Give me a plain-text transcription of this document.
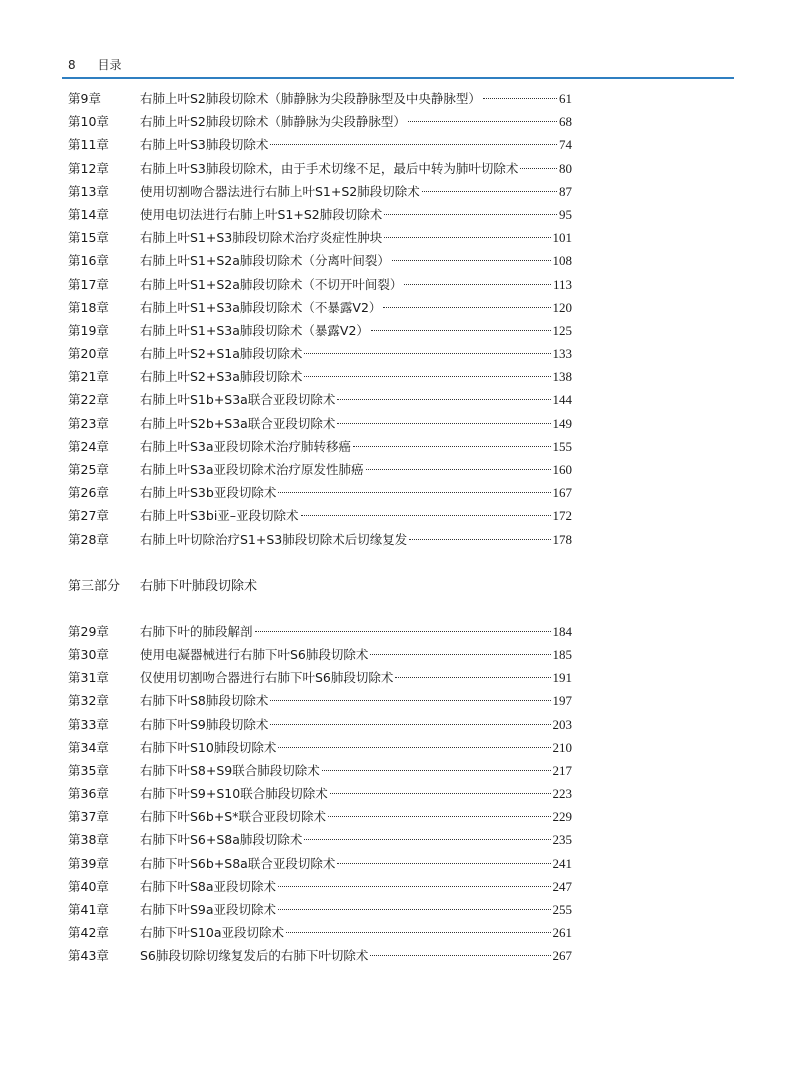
8 目录
第9章	右肺上叶S2肺段切除术（肺静脉为尖段静脉型及中央静脉型）	61
第10章	右肺上叶S2肺段切除术（肺静脉为尖段静脉型）	68
第11章	右肺上叶S3肺段切除术	74
第12章	右肺上叶S3肺段切除术，由于手术切缘不足，最后中转为肺叶切除术	80
第13章	使用切割吻合器法进行右肺上叶S1+S2肺段切除术	87
第14章	使用电切法进行右肺上叶S1+S2肺段切除术	95
第15章	右肺上叶S1+S3肺段切除术治疗炎症性肿块	101
第16章	右肺上叶S1+S2a肺段切除术（分离叶间裂）	108
第17章	右肺上叶S1+S2a肺段切除术（不切开叶间裂）	113
第18章	右肺上叶S1+S3a肺段切除术（不暴露V2）	120
第19章	右肺上叶S1+S3a肺段切除术（暴露V2）	125
第20章	右肺上叶S2+S1a肺段切除术	133
第21章	右肺上叶S2+S3a肺段切除术	138
第22章	右肺上叶S1b+S3a联合亚段切除术	144
第23章	右肺上叶S2b+S3a联合亚段切除术	149
第24章	右肺上叶S3a亚段切除术治疗肺转移癌	155
第25章	右肺上叶S3a亚段切除术治疗原发性肺癌	160
第26章	右肺上叶S3b亚段切除术	167
第27章	右肺上叶S3bi亚–亚段切除术	172
第28章	右肺上叶切除治疗S1+S3肺段切除术后切缘复发	178
第三部分	右肺下叶肺段切除术
第29章	右肺下叶的肺段解剖	184
第30章	使用电凝器械进行右肺下叶S6肺段切除术	185
第31章	仅使用切割吻合器进行右肺下叶S6肺段切除术	191
第32章	右肺下叶S8肺段切除术	197
第33章	右肺下叶S9肺段切除术	203
第34章	右肺下叶S10肺段切除术	210
第35章	右肺下叶S8+S9联合肺段切除术	217
第36章	右肺下叶S9+S10联合肺段切除术	223
第37章	右肺下叶S6b+S*联合亚段切除术	229
第38章	右肺下叶S6+S8a肺段切除术	235
第39章	右肺下叶S6b+S8a联合亚段切除术	241
第40章	右肺下叶S8a亚段切除术	247
第41章	右肺下叶S9a亚段切除术	255
第42章	右肺下叶S10a亚段切除术	261
第43章	S6肺段切除切缘复发后的右肺下叶切除术	267
